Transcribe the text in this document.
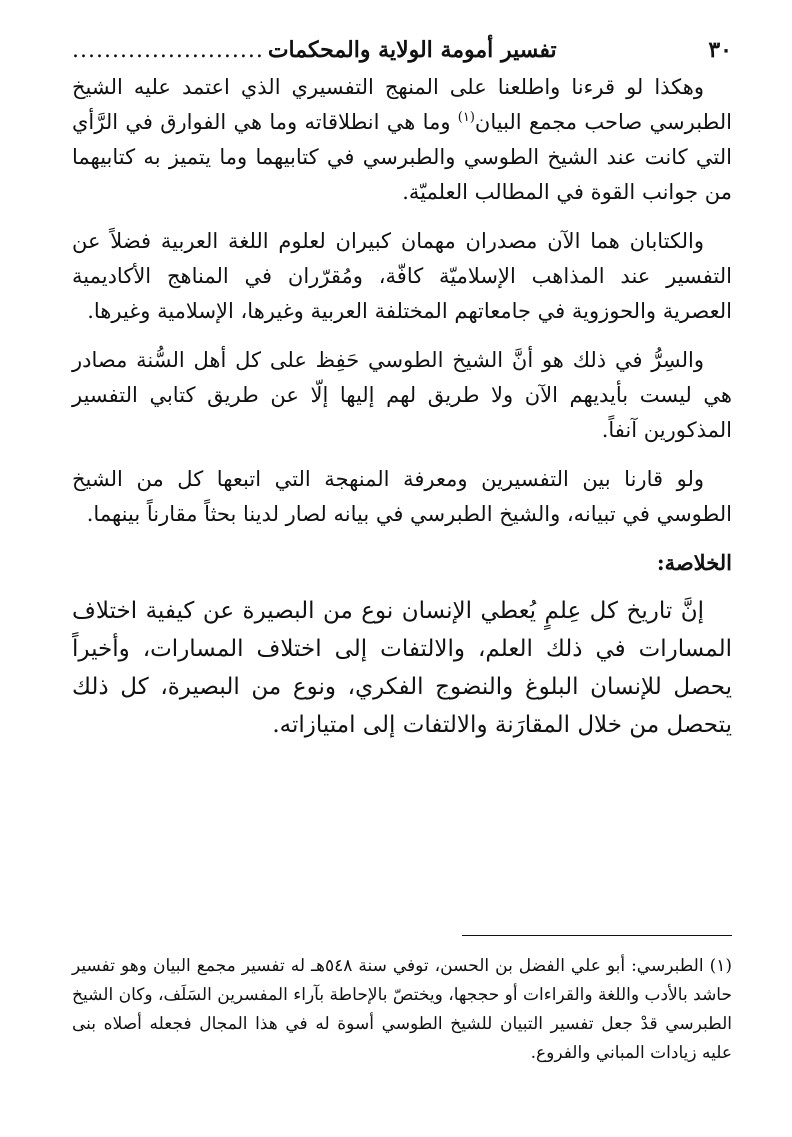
٣٠
تفسير أمومة الولاية والمحكمات
........................

وهكذا لو قرءنا واطلعنا على المنهج التفسيري الذي اعتمد عليه الشيخ الطبرسي صاحب مجمع البيان$^{(١)}$ وما هي انطلاقاته وما هي الفوارق في الرَّأي التي كانت عند الشيخ الطوسي والطبرسي في كتابيهما وما يتميز به كتابيهما من جوانب القوة في المطالب العلميّة.

والكتابان هما الآن مصدران مهمان كبيران لعلوم اللغة العربية فضلاً عن التفسير عند المذاهب الإسلاميّة كافّة، ومُقرّران في المناهج الأكاديمية العصرية والحوزوية في جامعاتهم المختلفة العربية وغيرها، الإسلامية وغيرها.

والسِرُّ في ذلك هو أنَّ الشيخ الطوسي حَفِظ على كل أهل السُّنة مصادر هي ليست بأيديهم الآن ولا طريق لهم إليها إلّا عن طريق كتابي التفسير المذكورين آنفاً.

ولو قارنا بين التفسيرين ومعرفة المنهجة التي اتبعها كل من الشيخ الطوسي في تبيانه، والشيخ الطبرسي في بيانه لصار لدينا بحثاً مقارناً بينهما.

الخلاصة:

إنَّ تاريخ كل عِلمٍ يُعطي الإنسان نوع من البصيرة عن كيفية اختلاف المسارات في ذلك العلم، والالتفات إلى اختلاف المسارات، وأخيراً يحصل للإنسان البلوغ والنضوج الفكري، ونوع من البصيرة، كل ذلك يتحصل من خلال المقارَنة والالتفات إلى امتيازاته.

(١)الطبرسي: أبو علي الفضل بن الحسن، توفي سنة ٥٤٨هـ له تفسير مجمع البيان وهو تفسير حاشد بالأدب واللغة والقراءات أو حججها، ويختصّ بالإحاطة بآراء المفسرين السَلَف، وكان الشيخ الطبرسي قدْ جعل تفسير التبيان للشيخ الطوسي أسوة له في هذا المجال فجعله أصلاه بنى عليه زيادات المباني والفروع.
